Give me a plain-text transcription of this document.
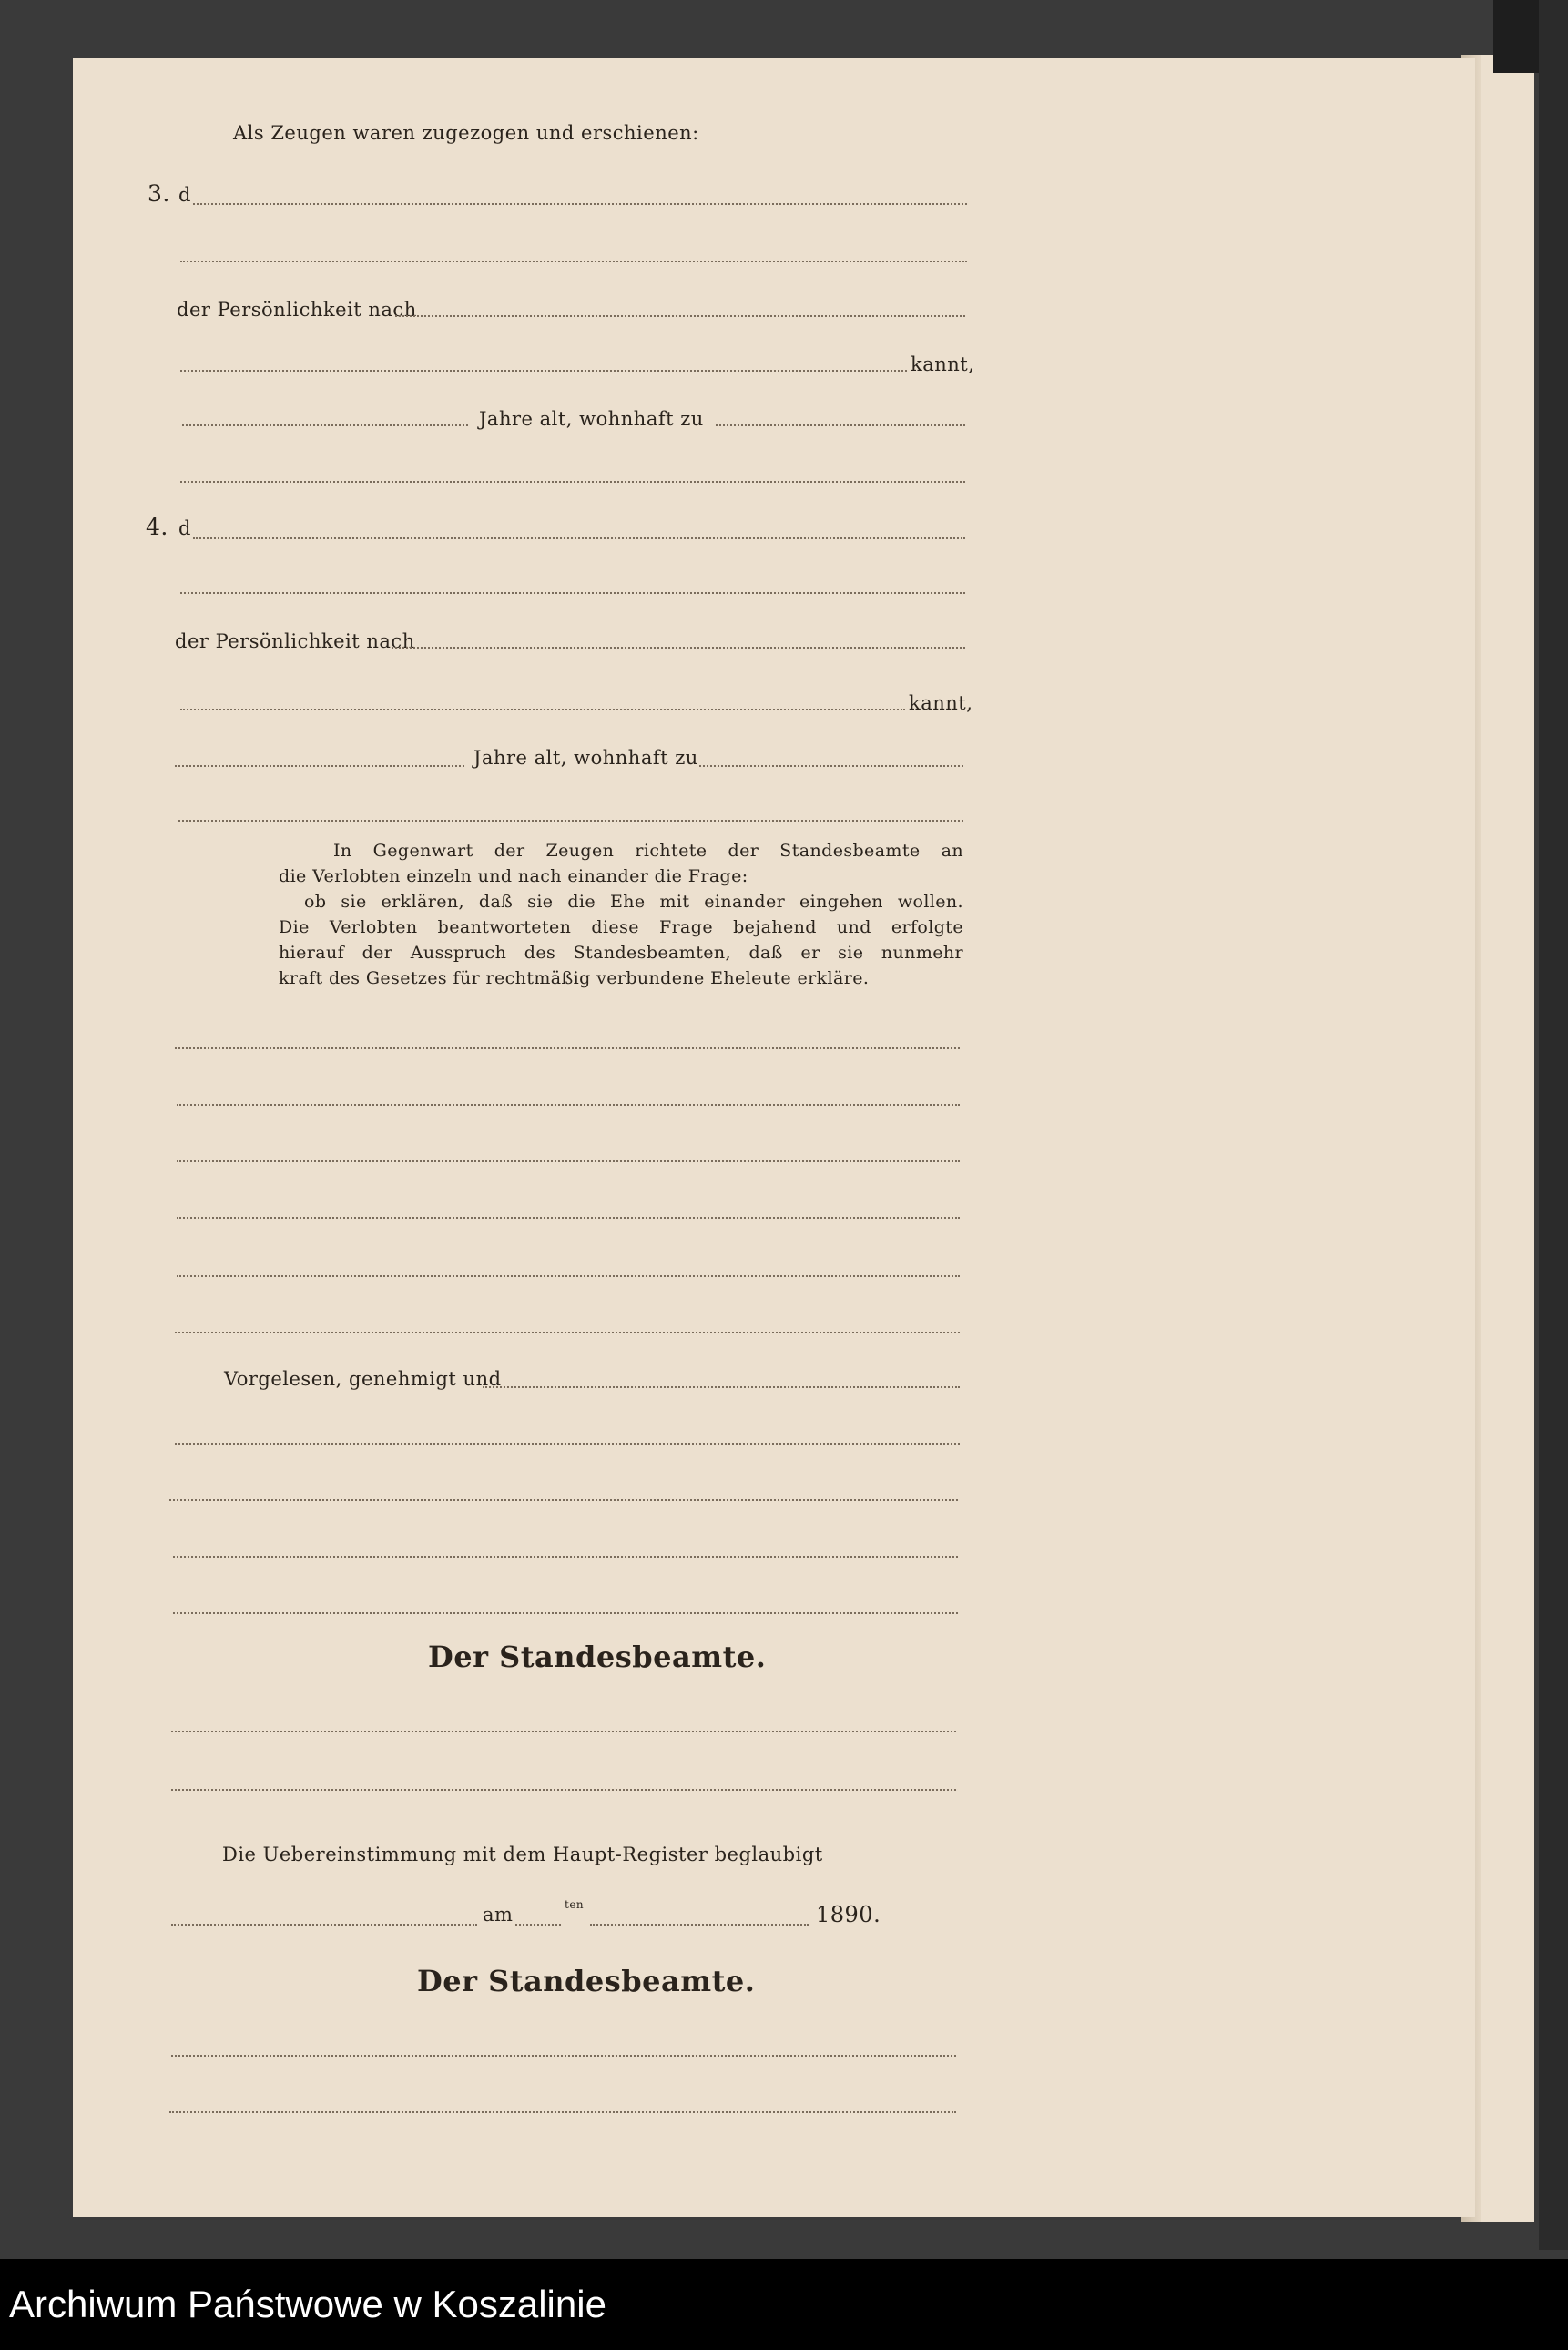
Als Zeugen waren zugezogen und erschienen:
3. d
der Persönlichkeit nach
kannt,
Jahre alt, wohnhaft zu
4. d
der Persönlichkeit nach
kannt,
Jahre alt, wohnhaft zu
In Gegenwart der Zeugen richtete der Standesbeamte an
die Verlobten einzeln und nach einander die Frage:
ob sie erklären, daß sie die Ehe mit einander eingehen wollen.
Die Verlobten beantworteten diese Frage bejahend und erfolgte
hierauf der Ausspruch des Standesbeamten, daß er sie nunmehr
kraft des Gesetzes für rechtmäßig verbundene Eheleute erkläre.
Vorgelesen, genehmigt und
Der Standesbeamte.
Die Uebereinstimmung mit dem Haupt-Register beglaubigt
am	ten	1890.
Der Standesbeamte.
Archiwum Państwowe w Koszalinie
